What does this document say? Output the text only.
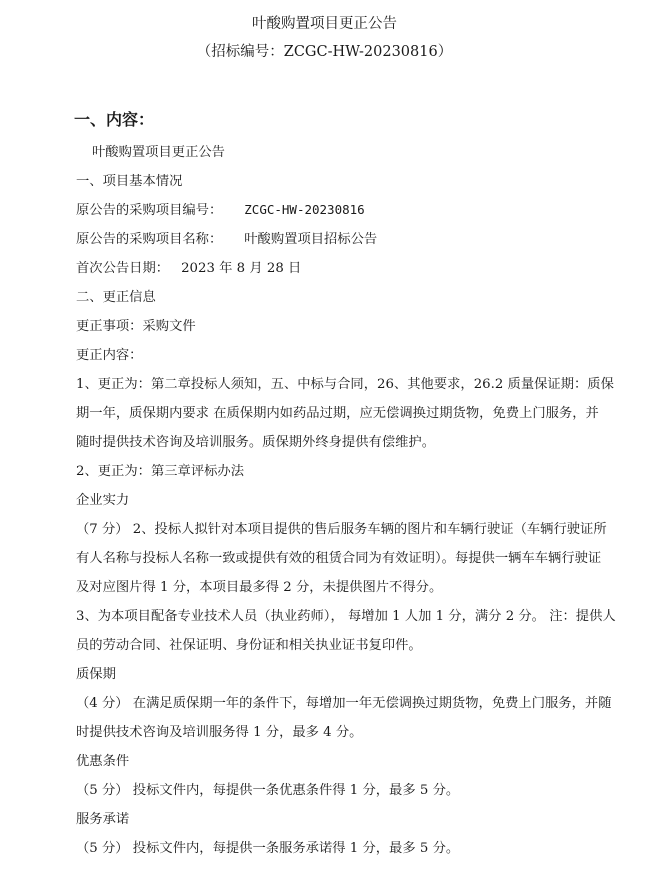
叶酸购置项目更正公告
（招标编号：ZCGC-HW-20230816）
一、内容：
叶酸购置项目更正公告
一、项目基本情况
原公告的采购项目编号： ZCGC-HW-20230816
原公告的采购项目名称： 叶酸购置项目招标公告
首次公告日期： 2023 年 8 月 28 日
二、更正信息
更正事项：采购文件
更正内容：
1、更正为：第二章投标人须知，五、中标与合同，26、其他要求，26.2 质量保证期：质保
期一年，质保期内要求 在质保期内如药品过期，应无偿调换过期货物，免费上门服务，并
随时提供技术咨询及培训服务。质保期外终身提供有偿维护。
2、更正为：第三章评标办法
企业实力
（7 分） 2、投标人拟针对本项目提供的售后服务车辆的图片和车辆行驶证（车辆行驶证所
有人名称与投标人名称一致或提供有效的租赁合同为有效证明）。每提供一辆车车辆行驶证
及对应图片得 1 分，本项目最多得 2 分，未提供图片不得分。
3、为本项目配备专业技术人员（执业药师）， 每增加 1 人加 1 分，满分 2 分。 注：提供人
员的劳动合同、社保证明、身份证和相关执业证书复印件。
质保期
（4 分） 在满足质保期一年的条件下，每增加一年无偿调换过期货物，免费上门服务，并随
时提供技术咨询及培训服务得 1 分，最多 4 分。
优惠条件
（5 分） 投标文件内，每提供一条优惠条件得 1 分，最多 5 分。
服务承诺
（5 分） 投标文件内，每提供一条服务承诺得 1 分，最多 5 分。
